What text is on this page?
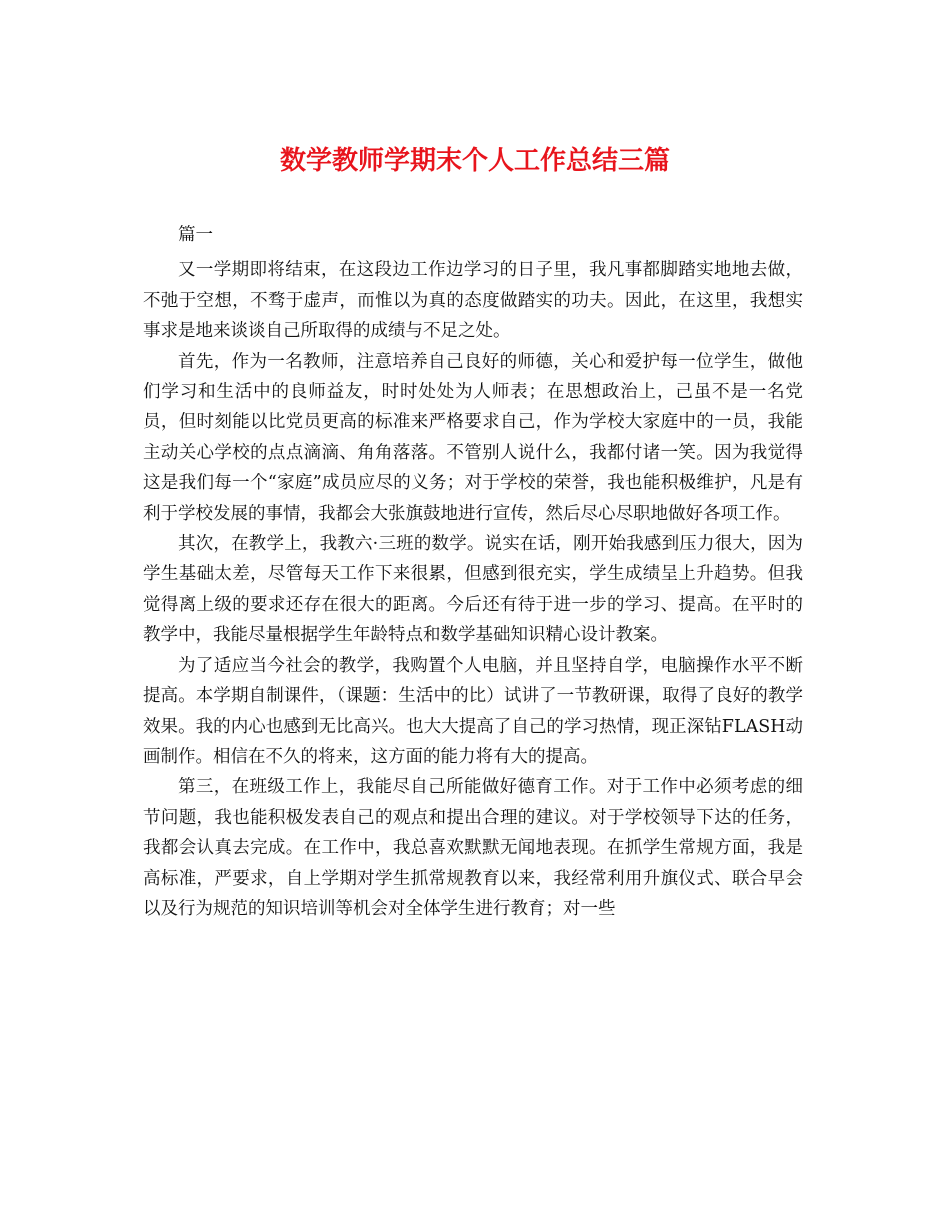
数学教师学期末个人工作总结三篇

篇一

又一学期即将结束，在这段边工作边学习的日子里，我凡事都脚踏实地地去做，不弛于空想，不骛于虚声，而惟以为真的态度做踏实的功夫。因此，在这里，我想实事求是地来谈谈自己所取得的成绩与不足之处。

首先，作为一名教师，注意培养自己良好的师德，关心和爱护每一位学生，做他们学习和生活中的良师益友，时时处处为人师表；在思想政治上，己虽不是一名党员，但时刻能以比党员更高的标准来严格要求自己，作为学校大家庭中的一员，我能主动关心学校的点点滴滴、角角落落。不管别人说什么，我都付诸一笑。因为我觉得这是我们每一个“家庭”成员应尽的义务；对于学校的荣誉，我也能积极维护，凡是有利于学校发展的事情，我都会大张旗鼓地进行宣传，然后尽心尽职地做好各项工作。

其次，在教学上，我教六·三班的数学。说实在话，刚开始我感到压力很大，因为学生基础太差，尽管每天工作下来很累，但感到很充实，学生成绩呈上升趋势。但我觉得离上级的要求还存在很大的距离。今后还有待于进一步的学习、提高。在平时的教学中，我能尽量根据学生年龄特点和数学基础知识精心设计教案。

为了适应当今社会的教学，我购置个人电脑，并且坚持自学，电脑操作水平不断提高。本学期自制课件，（课题：生活中的比）试讲了一节教研课，取得了良好的教学效果。我的内心也感到无比高兴。也大大提高了自己的学习热情，现正深钻FLASH动画制作。相信在不久的将来，这方面的能力将有大的提高。

第三，在班级工作上，我能尽自己所能做好德育工作。对于工作中必须考虑的细节问题，我也能积极发表自己的观点和提出合理的建议。对于学校领导下达的任务，我都会认真去完成。在工作中，我总喜欢默默无闻地表现。在抓学生常规方面，我是高标准，严要求，自上学期对学生抓常规教育以来，我经常利用升旗仪式、联合早会以及行为规范的知识培训等机会对全体学生进行教育；对一些
